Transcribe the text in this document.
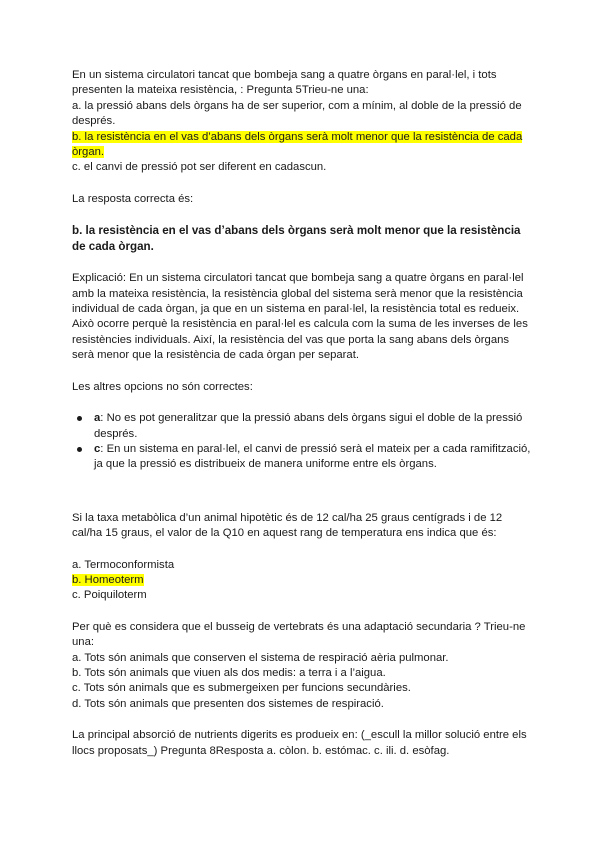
En un sistema circulatori tancat que bombeja sang a quatre òrgans en paral·lel, i tots presenten la mateixa resistència, : Pregunta 5Trieu-ne una:

a. la pressió abans dels òrgans ha de ser superior, com a mínim, al doble de la pressió de després.

b. la resistència en el vas d’abans dels òrgans serà molt menor que la resistència de cada òrgan.

c. el canvi de pressió pot ser diferent en cadascun.

La resposta correcta és:

b. la resistència en el vas d’abans dels òrgans serà molt menor que la resistència de cada òrgan.

Explicació: En un sistema circulatori tancat que bombeja sang a quatre òrgans en paral·lel amb la mateixa resistència, la resistència global del sistema serà menor que la resistència individual de cada òrgan, ja que en un sistema en paral·lel, la resistència total es redueix. Això ocorre perquè la resistència en paral·lel es calcula com la suma de les inverses de les resistències individuals. Així, la resistència del vas que porta la sang abans dels òrgans serà menor que la resistència de cada òrgan per separat.

Les altres opcions no són correctes:

a: No es pot generalitzar que la pressió abans dels òrgans sigui el doble de la pressió després.
c: En un sistema en paral·lel, el canvi de pressió serà el mateix per a cada ramifització, ja que la pressió es distribueix de manera uniforme entre els òrgans.

Si la taxa metabòlica d’un animal hipotètic és de 12 cal/ha 25 graus centígrads i de 12 cal/ha 15 graus, el valor de la Q10 en aquest rang de temperatura ens indica que és:

a. Termoconformista

b. Homeoterm

c. Poiquiloterm

Per què es considera que el busseig de vertebrats és una adaptació secundaria ? Trieu-ne una:

a. Tots són animals que conserven el sistema de respiració aèria pulmonar.

b. Tots són animals que viuen als dos medis: a terra i a l’aigua.

c. Tots són animals que es submergeixen per funcions secundàries.

d. Tots són animals que presenten dos sistemes de respiració.

La principal absorció de nutrients digerits es produeix en: (_escull la millor solució entre els llocs proposats_) Pregunta 8Resposta a. còlon. b. estómac. c. ili. d. esòfag.
